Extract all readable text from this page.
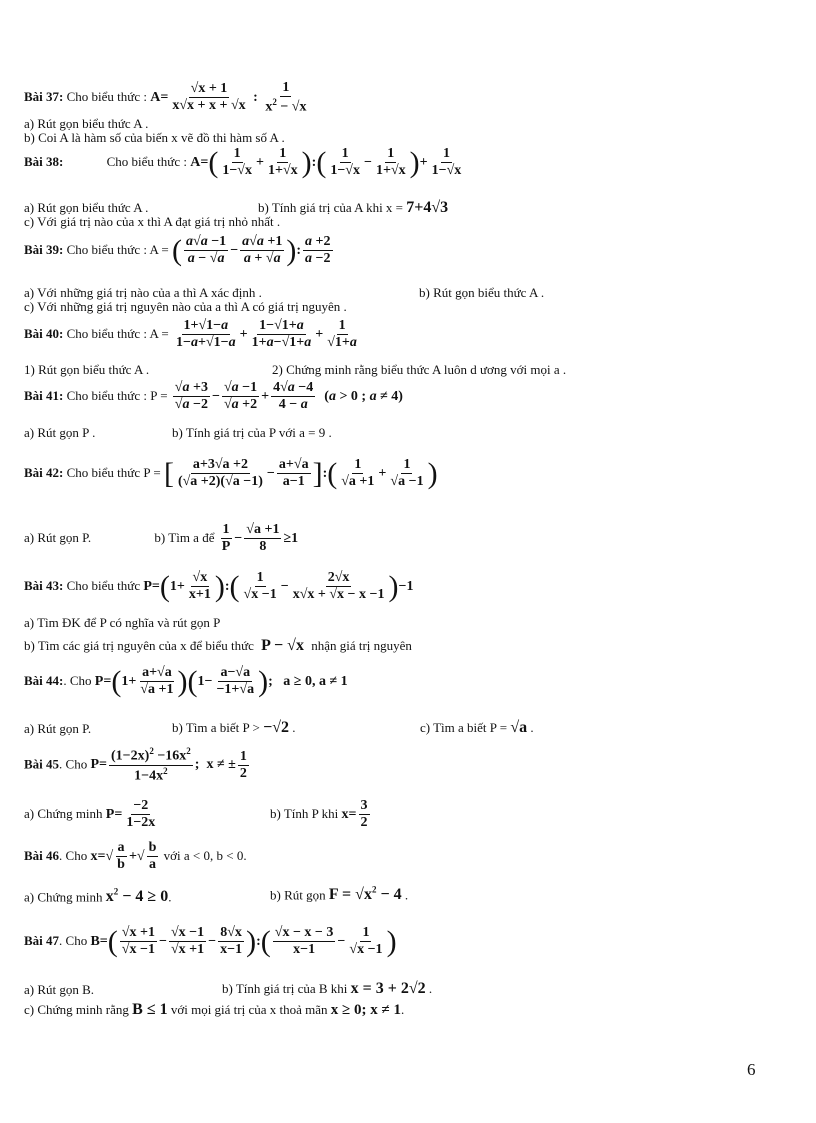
Bài 37: Cho biểu thức : $A= \frac{√x + 1}{x√x + x + √x}$ : $\frac{1}{x^2 - √x}$
a) Rút gọn biểu thức A .
b) Coi A là hàm số của biến x vẽ đồ thi hàm số A .
Bài 38:	Cho biểu thức : $A=( \frac{1}{1-√x} + \frac{1}{1+√x}$ ):( $\frac{1}{1-√x} - \frac{1}{1+√x}$ )+ $\frac{1}{1-√x}$
a) Rút gọn biểu thức A .	b) Tính giá trị của A khi x = 7+4√3
c) Với giá trị nào của x thì A đạt giá trị nhỏ nhất .
Bài 39: Cho biểu thức : A = ( $\frac{a√a -1}{a - √a} - \frac{a√a +1}{a + √a}$ ): $\frac{a +2}{a -2}$
a) Với những giá trị nào của a thì A xác định .	b) Rút gọn biểu thức A .
c) Với những giá trị nguyên nào của a thì A có giá trị nguyên .
Bài 40: Cho biểu thức : $A = \frac{1+√1-a}{1-a+√1-a} + \frac{1-√1+a}{1+a-√1+a} + \frac{1}{√1+a}$
1) Rút gọn biểu thức A .	2) Chứng minh rằng biểu thức A luôn d ương với mọi a .
Bài 41: Cho biểu thức : $P = \frac{√a +3}{√a -2} - \frac{√a -1}{√a +2} + \frac{4√a -4}{4 - a} (a > 0$ ; a ≠ 4)
a) Rút gọn P .	b) Tính giá trị của P với a = 9 .
Bài 42: Cho biểu thức P = [ $\frac{a+3√a +2}{(√a +2)(√a -1)} - \frac{a+√a}{a-1}$ ]:( $\frac{1}{√a +1} + \frac{1}{√a -1}$ )
a) Rút gọn P.	b) Tìm a để $\frac{1}{P} - \frac{√a +1}{8} \ge 1$
Bài 43: Cho biểu thức $P=(1+ \frac{√x}{x+1}$ ):( $\frac{1}{√x -1} - \frac{2√x}{x√x + √x - x -1} )-1$
a) Tìm ĐK để P có nghĩa và rút gọn P
b) Tìm các giá trị nguyên của x để biểu thức  P − √x  nhận giá trị nguyên
Bài 44:. Cho $P=(1+ \frac{a+√a}{√a +1} )(1- \frac{a-√a}{-1+√a}$ );   a ≥ 0, a ≠ 1
a) Rút gọn P.	b) Tìm a biết P > −√2 .	c) Tìm a biết P = √a .
Bài 45. Cho $P= \frac{(1-2x)^2 -16x^2}{1-4x^2}$ ;  x ≠ ± $\frac{1}{2}$
a) Chứng minh $P= \frac{-2}{1-2x}$	b) Tính P khi $x= \frac{3}{2}$
Bài 46. Cho $x=√ \frac{a}{b}$ +√ $\frac{b}{a}$ với a < 0, b < 0.
a) Chứng minh $x^2 - 4 \ge 0$.	b) Rút gọn $F = √x^2 - 4$ .
Bài 47. Cho $B=( \frac{√x +1}{√x -1} - \frac{√x -1}{√x +1} - \frac{8√x}{x-1}$ ):( $\frac{√x - x - 3}{x-1} - \frac{1}{√x -1}$ )
a) Rút gọn B.	b) Tính giá trị của B khi x = 3 + 2√2 .
c) Chứng minh rằng B ≤ 1 với mọi giá trị của x thoả mãn x ≥ 0; x ≠ 1.
6
